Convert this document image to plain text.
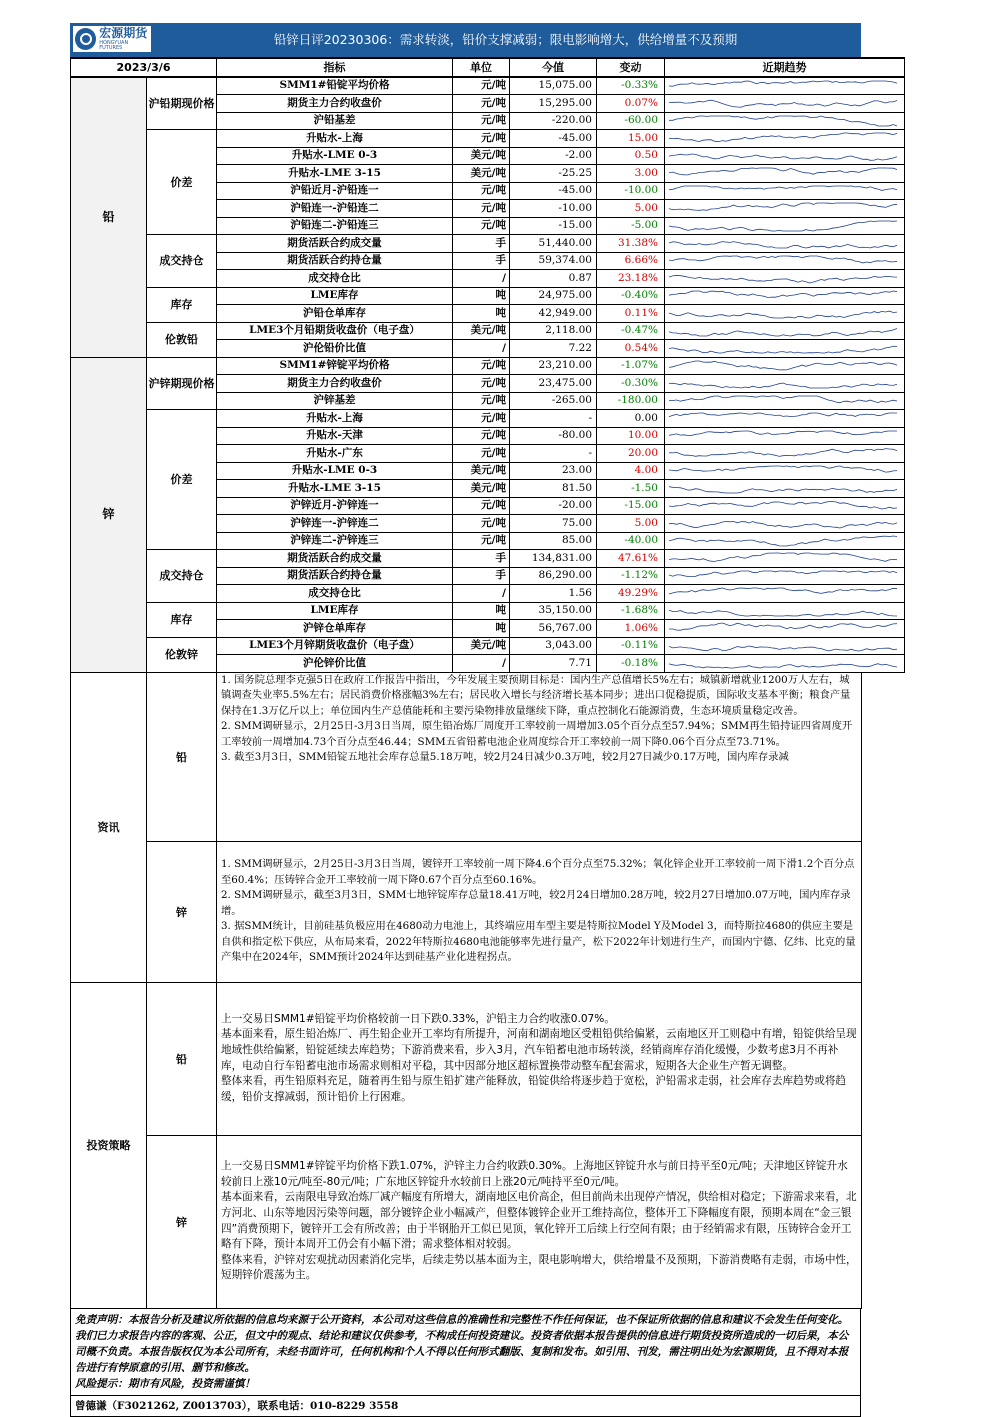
宏源期货
HONGYUAN FUTURES
铅锌日评20230306：需求转淡，铅价支撑减弱；限电影响增大，供给增量不及预期
2023/3/6		指标	单位	今值	变动	近期趋势
铅	沪铅期现价格	SMM1#铅锭平均价格	元/吨	15,075.00	-0.33%	

		期货主力合约收盘价	元/吨	15,295.00	0.07%	

		沪铅基差	元/吨	-220.00	-60.00	

	价差	升贴水-上海	元/吨	-45.00	15.00	

		升贴水-LME 0-3	美元/吨	-2.00	0.50	

		升贴水-LME 3-15	美元/吨	-25.25	3.00	

		沪铅近月-沪铅连一	元/吨	-45.00	-10.00	

		沪铅连一-沪铅连二	元/吨	-10.00	5.00	

		沪铅连二-沪铅连三	元/吨	-15.00	-5.00	

	成交持仓	期货活跃合约成交量	手	51,440.00	31.38%	

		期货活跃合约持仓量	手	59,374.00	6.66%	

		成交持仓比	/	0.87	23.18%	

	库存	LME库存	吨	24,975.00	-0.40%	

		沪铅仓单库存	吨	42,949.00	0.11%	

	伦敦铅	LME3个月铅期货收盘价（电子盘）	美元/吨	2,118.00	-0.47%	

		沪伦铅价比值	/	7.22	0.54%	

锌	沪锌期现价格	SMM1#锌锭平均价格	元/吨	23,210.00	-1.07%	

		期货主力合约收盘价	元/吨	23,475.00	-0.30%	

		沪锌基差	元/吨	-265.00	-180.00	

	价差	升贴水-上海	元/吨	-	0.00	

		升贴水-天津	元/吨	-80.00	10.00	

		升贴水-广东	元/吨	-	20.00	

		升贴水-LME 0-3	美元/吨	23.00	4.00	

		升贴水-LME 3-15	美元/吨	81.50	-1.50	

		沪锌近月-沪锌连一	元/吨	-20.00	-15.00	

		沪锌连一-沪锌连二	元/吨	75.00	5.00	

		沪锌连二-沪锌连三	元/吨	85.00	-40.00	

	成交持仓	期货活跃合约成交量	手	134,831.00	47.61%	

		期货活跃合约持仓量	手	86,290.00	-1.12%	

		成交持仓比	/	1.56	49.29%	

	库存	LME库存	吨	35,150.00	-1.68%	

		沪锌仓单库存	吨	56,767.00	1.06%	

	伦敦锌	LME3个月锌期货收盘价（电子盘）	美元/吨	3,043.00	-0.11%	

		沪伦锌价比值	/	7.71	-0.18%	
资讯	铅	1. 国务院总理李克强5日在政府工作报告中指出，今年发展主要预期目标是：国内生产总值增长5%左右；城镇新增就业1200万人左右，城镇调查失业率5.5%左右；居民消费价格涨幅3%左右；居民收入增长与经济增长基本同步；进出口促稳提质，国际收支基本平衡；粮食产量保持在1.3万亿斤以上；单位国内生产总值能耗和主要污染物排放量继续下降，重点控制化石能源消费，生态环境质量稳定改善。

2. SMM调研显示，2月25日-3月3日当周，原生铅冶炼厂周度开工率较前一周增加3.05个百分点至57.94%；SMM再生铅持证四省周度开工率较前一周增加4.73个百分点至46.44；SMM五省铅蓄电池企业周度综合开工率较前一周下降0.06个百分点至73.71%。

3. 截至3月3日，SMM铅锭五地社会库存总量5.18万吨，较2月24日减少0.3万吨，较2月27日减少0.17万吨，国内库存录减

	锌	1. SMM调研显示，2月25日-3月3日当周，镀锌开工率较前一周下降4.6个百分点至75.32%；氧化锌企业开工率较前一周下滑1.2个百分点至60.4%；压铸锌合金开工率较前一周下降0.67个百分点至60.16%。

2. SMM调研显示，截至3月3日，SMM七地锌锭库存总量18.41万吨，较2月24日增加0.28万吨，较2月27日增加0.07万吨，国内库存录增。

3. 据SMM统计，目前硅基负极应用在4680动力电池上，其终端应用车型主要是特斯拉Model Y及Model 3，而特斯拉4680的供应主要是自供和指定松下供应，从布局来看，2022年特斯拉4680电池能够率先进行量产，松下2022年计划进行生产，而国内宁德、亿纬、比克的量产集中在2024年，SMM预计2024年达到硅基产业化进程拐点。

投资策略	铅	上一交易日SMM1#铅锭平均价格较前一日下跌0.33%，沪铅主力合约收涨0.07%。

基本面来看，原生铅冶炼厂、再生铅企业开工率均有所提升，河南和湖南地区受粗铅供给偏紧，云南地区开工则稳中有增，铅锭供给呈现地域性供给偏紧，铅锭延续去库趋势；下游消费来看，步入3月，汽车铅蓄电池市场转淡，经销商库存消化缓慢，少数考虑3月不再补库，电动自行车铅蓄电池市场需求则相对平稳，其中因部分地区超标置换带动整车配套需求，短期各大企业生产暂无调整。

整体来看，再生铅原料充足，随着再生铅与原生铅扩建产能释放，铅锭供给将逐步趋于宽松，沪铅需求走弱，社会库存去库趋势或将趋缓，铅价支撑减弱，预计铅价上行困难。

	锌	上一交易日SMM1#锌锭平均价格下跌1.07%，沪锌主力合约收跌0.30%。上海地区锌锭升水与前日持平至0元/吨；天津地区锌锭升水较前日上涨10元/吨至-80元/吨；广东地区锌锭升水较前日上涨20元/吨持平至0元/吨。

基本面来看，云南限电导致冶炼厂减产幅度有所增大，湖南地区电价高企，但目前尚未出现停产情况，供给相对稳定；下游需求来看，北方河北、山东等地因污染等问题，部分镀锌企业小幅减产，但整体镀锌企业开工维持高位，整体开工下降幅度有限，预期本周在“金三银四”消费预期下，镀锌开工会有所改善；由于半钢胎开工似已见顶，氧化锌开工后续上行空间有限；由于经销需求有限，压铸锌合金开工略有下降，预计本周开工仍会有小幅下滑；需求整体相对较弱。

整体来看，沪锌对宏观扰动因素消化完毕，后续走势以基本面为主，限电影响增大，供给增量不及预期，下游消费略有走弱，市场中性，短期锌价震荡为主。

免责声明：本报告分析及建议所依据的信息均来源于公开资料，本公司对这些信息的准确性和完整性不作任何保证，也不保证所依据的信息和建议不会发生任何变化。我们已力求报告内容的客观、公正，但文中的观点、结论和建议仅供参考，不构成任何投资建议。投资者依据本报告提供的信息进行期货投资所造成的一切后果，本公司概不负责。本报告版权仅为本公司所有，未经书面许可，任何机构和个人不得以任何形式翻版、复制和发布。如引用、刊发，需注明出处为宏源期货，且不得对本报告进行有悖原意的引用、删节和修改。

风险提示：期市有风险，投资需谨慎！

曾德谦（F3021262, Z0013703），联系电话：010-8229 3558
